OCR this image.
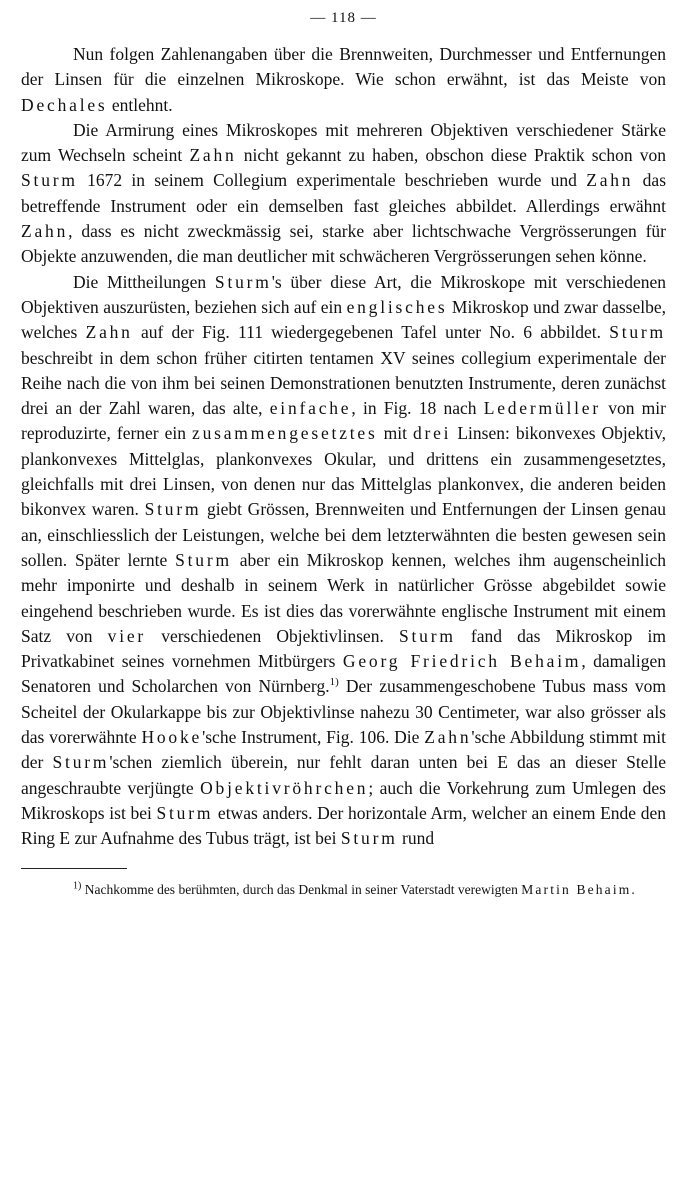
— 118 —

Nun folgen Zahlenangaben über die Brennweiten, Durchmesser und Entfernungen der Linsen für die einzelnen Mikroskope. Wie schon erwähnt, ist das Meiste von Dechales entlehnt.

Die Armirung eines Mikroskopes mit mehreren Objektiven verschiedener Stärke zum Wechseln scheint Zahn nicht gekannt zu haben, obschon diese Praktik schon von Sturm 1672 in seinem Collegium experimentale beschrieben wurde und Zahn das betreffende Instrument oder ein demselben fast gleiches abbildet. Allerdings erwähnt Zahn, dass es nicht zweckmässig sei, starke aber lichtschwache Vergrösserungen für Objekte anzuwenden, die man deutlicher mit schwächeren Vergrösserungen sehen könne.

Die Mittheilungen Sturm's über diese Art, die Mikroskope mit verschiedenen Objektiven auszurüsten, beziehen sich auf ein englisches Mikroskop und zwar dasselbe, welches Zahn auf der Fig. 111 wiedergegebenen Tafel unter No. 6 abbildet. Sturm beschreibt in dem schon früher citirten tentamen XV seines collegium experimentale der Reihe nach die von ihm bei seinen Demonstrationen benutzten Instrumente, deren zunächst drei an der Zahl waren, das alte, einfache, in Fig. 18 nach Ledermüller von mir reproduzirte, ferner ein zusammengesetztes mit drei Linsen: bikonvexes Objektiv, plankonvexes Mittelglas, plankonvexes Okular, und drittens ein zusammengesetztes, gleichfalls mit drei Linsen, von denen nur das Mittelglas plankonvex, die anderen beiden bikonvex waren. Sturm giebt Grössen, Brennweiten und Entfernungen der Linsen genau an, einschliesslich der Leistungen, welche bei dem letzterwähnten die besten gewesen sein sollen. Später lernte Sturm aber ein Mikroskop kennen, welches ihm augenscheinlich mehr imponirte und deshalb in seinem Werk in natürlicher Grösse abgebildet sowie eingehend beschrieben wurde. Es ist dies das vorerwähnte englische Instrument mit einem Satz von vier verschiedenen Objektivlinsen. Sturm fand das Mikroskop im Privatkabinet seines vornehmen Mitbürgers Georg Friedrich Behaim, damaligen Senatoren und Scholarchen von Nürnberg.$^{1)}$ Der zusammengeschobene Tubus mass vom Scheitel der Okularkappe bis zur Objektivlinse nahezu 30 Centimeter, war also grösser als das vorerwähnte Hooke'sche Instrument, Fig. 106. Die Zahn'sche Abbildung stimmt mit der Sturm'schen ziemlich überein, nur fehlt daran unten bei E das an dieser Stelle angeschraubte verjüngte Objektivröhrchen; auch die Vorkehrung zum Umlegen des Mikroskops ist bei Sturm etwas anders. Der horizontale Arm, welcher an einem Ende den Ring E zur Aufnahme des Tubus trägt, ist bei Sturm rund

$^{1)}$ Nachkomme des berühmten, durch das Denkmal in seiner Vaterstadt verewigten Martin Behaim.
